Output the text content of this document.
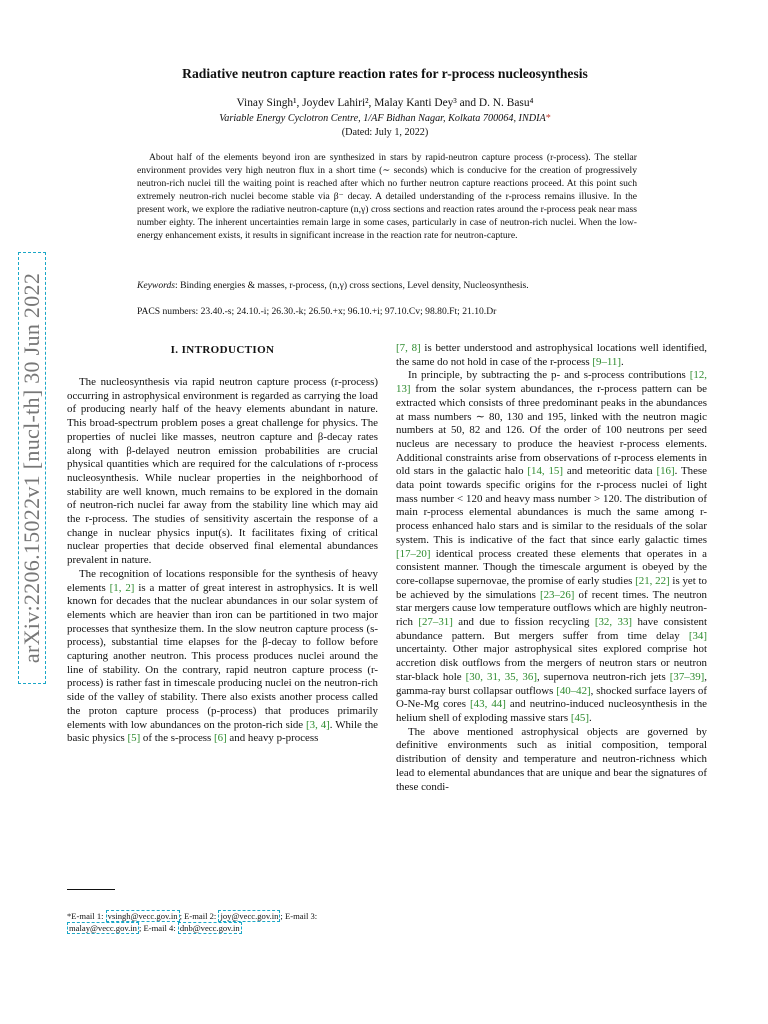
arXiv:2206.15022v1 [nucl-th] 30 Jun 2022
Radiative neutron capture reaction rates for r-process nucleosynthesis
Vinay Singh¹, Joydev Lahiri², Malay Kanti Dey³ and D. N. Basu⁴
Variable Energy Cyclotron Centre, 1/AF Bidhan Nagar, Kolkata 700064, INDIA*
(Dated: July 1, 2022)
About half of the elements beyond iron are synthesized in stars by rapid-neutron capture process (r-process). The stellar environment provides very high neutron flux in a short time (∼ seconds) which is conducive for the creation of progressively neutron-rich nuclei till the waiting point is reached after which no further neutron capture reactions proceed. At this point such extremely neutron-rich nuclei become stable via β⁻ decay. A detailed understanding of the r-process remains illusive. In the present work, we explore the radiative neutron-capture (n,γ) cross sections and reaction rates around the r-process peak near mass number eighty. The inherent uncertainties remain large in some cases, particularly in case of neutron-rich nuclei. When the low-energy enhancement exists, it results in significant increase in the reaction rate for neutron-capture.
Keywords: Binding energies & masses, r-process, (n,γ) cross sections, Level density, Nucleosynthesis.
PACS numbers: 23.40.-s; 24.10.-i; 26.30.-k; 26.50.+x; 96.10.+i; 97.10.Cv; 98.80.Ft; 21.10.Dr
I. INTRODUCTION

The nucleosynthesis via rapid neutron capture process (r-process) occurring in astrophysical environment is regarded as carrying the load of producing nearly half of the heavy elements abundant in nature. This broad-spectrum problem poses a great challenge for physics. The properties of nuclei like masses, neutron capture and β-decay rates along with β-delayed neutron emission probabilities are crucial physical quantities which are required for the calculations of r-process nucleosynthesis. While nuclear properties in the neighborhood of stability are well known, much remains to be explored in the domain of neutron-rich nuclei far away from the stability line which may aid the r-process. The studies of sensitivity ascertain the response of a change in nuclear physics input(s). It facilitates fixing of critical nuclear properties that decide observed final elemental abundances prevalent in nature.

The recognition of locations responsible for the synthesis of heavy elements [1, 2] is a matter of great interest in astrophysics. It is well known for decades that the nuclear abundances in our solar system of elements which are heavier than iron can be partitioned in two major processes that synthesize them. In the slow neutron capture process (s-process), substantial time elapses for the β-decay to follow before capturing another neutron. This process produces nuclei around the line of stability. On the contrary, rapid neutron capture process (r-process) is rather fast in timescale producing nuclei on the neutron-rich side of the valley of stability. There also exists another process called the proton capture process (p-process) that produces primarily elements with low abundances on the proton-rich side [3, 4]. While the basic physics [5] of the s-process [6] and heavy p-process

[7, 8] is better understood and astrophysical locations well identified, the same do not hold in case of the r-process [9–11].

In principle, by subtracting the p- and s-process contributions [12, 13] from the solar system abundances, the r-process pattern can be extracted which consists of three predominant peaks in the abundances at mass numbers ∼ 80, 130 and 195, linked with the neutron magic numbers at 50, 82 and 126. Of the order of 100 neutrons per seed nucleus are necessary to produce the heaviest r-process elements. Additional constraints arise from observations of r-process elements in old stars in the galactic halo [14, 15] and meteoritic data [16]. These data point towards specific origins for the r-process nuclei of light mass number < 120 and heavy mass number > 120. The distribution of main r-process elemental abundances is much the same among r-process enhanced halo stars and is similar to the residuals of the solar system. This is indicative of the fact that since early galactic times [17–20] identical process created these elements that operates in a consistent manner. Though the timescale argument is obeyed by the core-collapse supernovae, the promise of early studies [21, 22] is yet to be achieved by the simulations [23–26] of recent times. The neutron star mergers cause low temperature outflows which are highly neutron-rich [27–31] and due to fission recycling [32, 33] have consistent abundance pattern. But mergers suffer from time delay [34] uncertainty. Other major astrophysical sites explored comprise hot accretion disk outflows from the mergers of neutron stars or neutron star-black hole [30, 31, 35, 36], supernova neutron-rich jets [37–39], gamma-ray burst collapsar outflows [40–42], shocked surface layers of O-Ne-Mg cores [43, 44] and neutrino-induced nucleosynthesis in the helium shell of exploding massive stars [45].

The above mentioned astrophysical objects are governed by definitive environments such as initial composition, temporal distribution of density and temperature and neutron-richness which lead to elemental abundances that are unique and bear the signatures of these condi-

*E-mail 1: vsingh@vecc.gov.in ; E-mail 2: joy@vecc.gov.in ; E-mail 3: malay@vecc.gov.in ; E-mail 4: dnb@vecc.gov.in
